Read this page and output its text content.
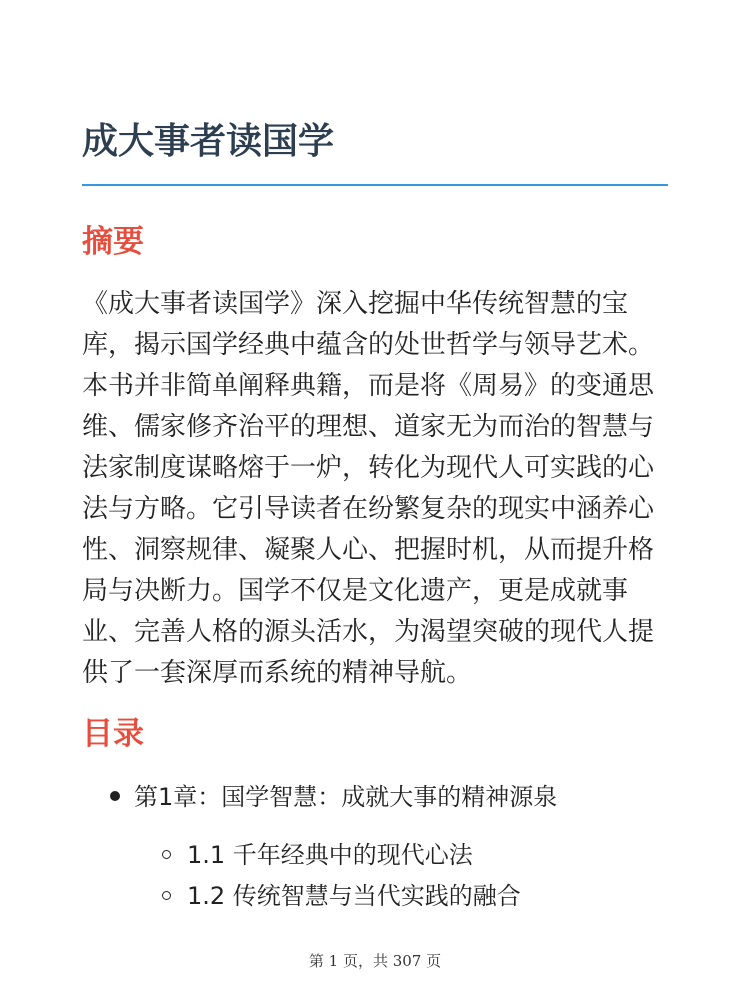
成大事者读国学
摘要

《成大事者读国学》深入挖掘中华传统智慧的宝库，揭示国学经典中蕴含的处世哲学与领导艺术。本书并非简单阐释典籍，而是将《周易》的变通思维、儒家修齐治平的理想、道家无为而治的智慧与法家制度谋略熔于一炉，转化为现代人可实践的心法与方略。它引导读者在纷繁复杂的现实中涵养心性、洞察规律、凝聚人心、把握时机，从而提升格局与决断力。国学不仅是文化遗产，更是成就事业、完善人格的源头活水，为渴望突破的现代人提供了一套深厚而系统的精神导航。

目录
第1章：国学智慧：成就大事的精神源泉
1.1 千年经典中的现代心法
1.2 传统智慧与当代实践的融合
第 1 页，共 307 页
